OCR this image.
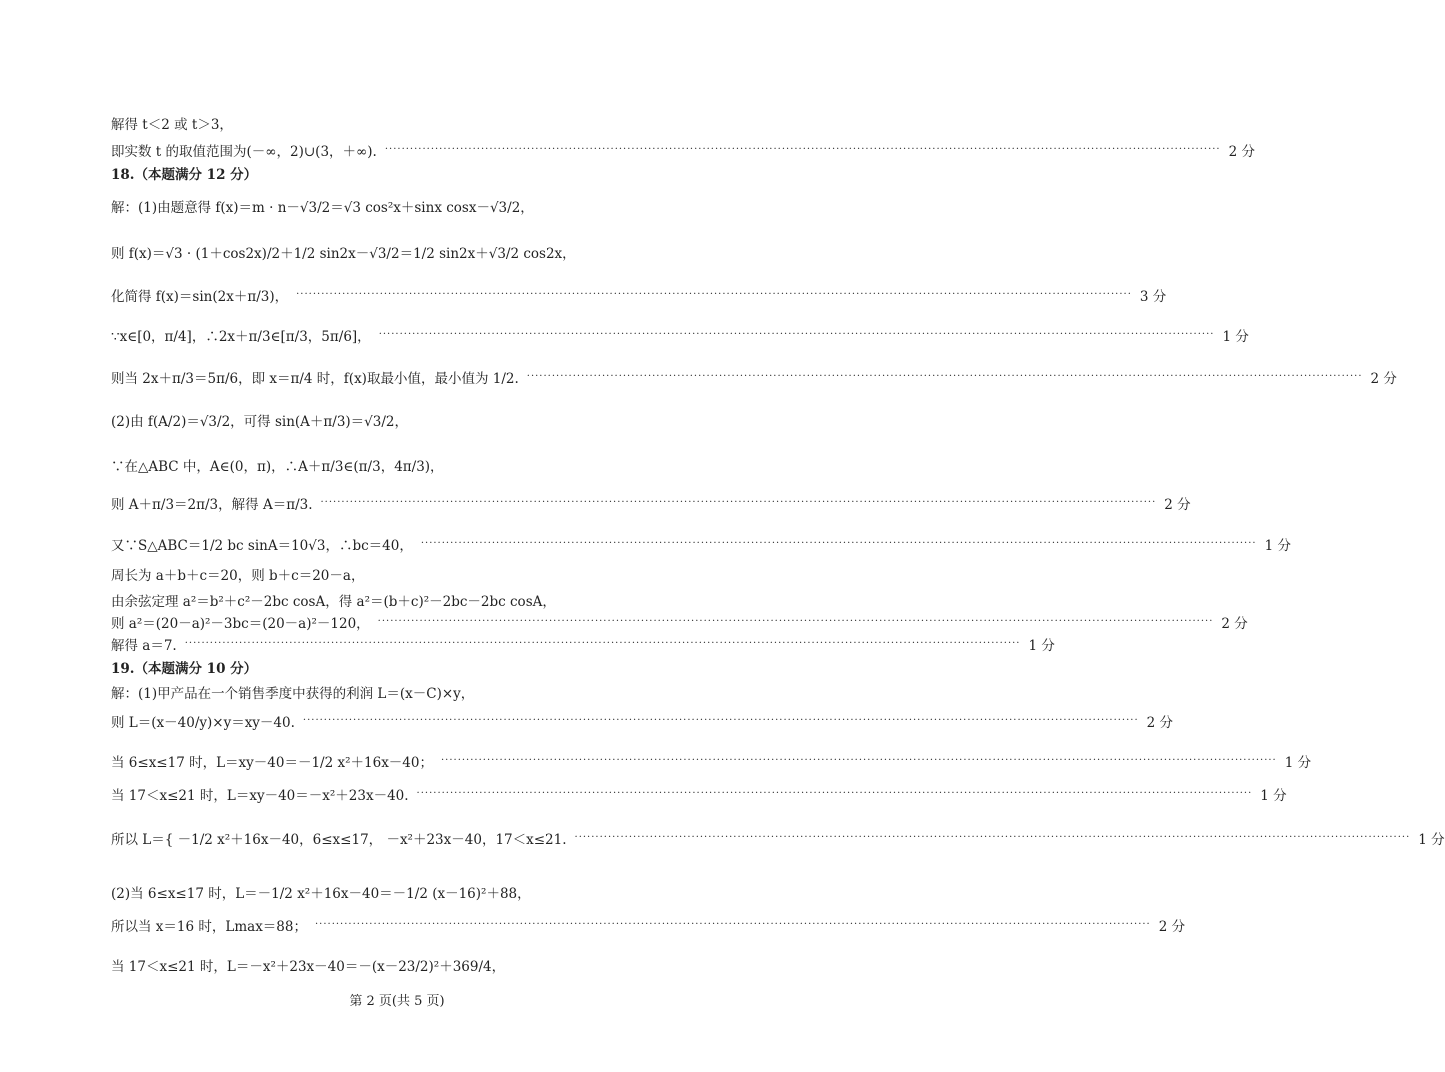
解得 t＜2 或 t＞3，
即实数 t 的取值范围为(－∞，2)∪(3，＋∞). ········································································································································································································ 2 分
18.（本题满分 12 分）
解：(1)由题意得 f(x)＝m · n－√3/2＝√3 cos²x＋sinx cosx－√3/2，
则 f(x)＝√3 · (1＋cos2x)/2＋1/2 sin2x－√3/2＝1/2 sin2x＋√3/2 cos2x，
化简得 f(x)＝sin(2x＋π/3)， ········································································································································································································ 3 分
∵x∈[0，π/4]，∴2x＋π/3∈[π/3，5π/6]， ········································································································································································································ 1 分
则当 2x＋π/3＝5π/6，即 x＝π/4 时，f(x)取最小值，最小值为 1/2. ········································································································································································································ 2 分
(2)由 f(A/2)＝√3/2，可得 sin(A＋π/3)＝√3/2，
∵在△ABC 中，A∈(0，π)，∴A＋π/3∈(π/3，4π/3)，
则 A＋π/3＝2π/3，解得 A＝π/3. ········································································································································································································ 2 分
又∵S△ABC＝1/2 bc sinA＝10√3，∴bc＝40， ········································································································································································································ 1 分
周长为 a＋b＋c＝20，则 b＋c＝20－a，
由余弦定理 a²＝b²＋c²－2bc cosA，得 a²＝(b＋c)²－2bc－2bc cosA，
则 a²＝(20－a)²－3bc＝(20－a)²－120， ········································································································································································································ 2 分
解得 a＝7. ········································································································································································································ 1 分
19.（本题满分 10 分）
解：(1)甲产品在一个销售季度中获得的利润 L＝(x－C)×y，
则 L＝(x－40/y)×y＝xy－40. ········································································································································································································ 2 分
当 6≤x≤17 时，L＝xy－40＝－1/2 x²＋16x－40； ········································································································································································································ 1 分
当 17＜x≤21 时，L＝xy－40＝－x²＋23x－40. ········································································································································································································ 1 分
所以 L＝{ －1/2 x²＋16x－40，6≤x≤17， －x²＋23x－40，17＜x≤21. ········································································································································································································ 1 分
(2)当 6≤x≤17 时，L＝－1/2 x²＋16x－40＝－1/2 (x－16)²＋88，
所以当 x＝16 时，Lmax＝88； ········································································································································································································ 2 分
当 17＜x≤21 时，L＝－x²＋23x－40＝－(x－23/2)²＋369/4，
第 2 页(共 5 页)
